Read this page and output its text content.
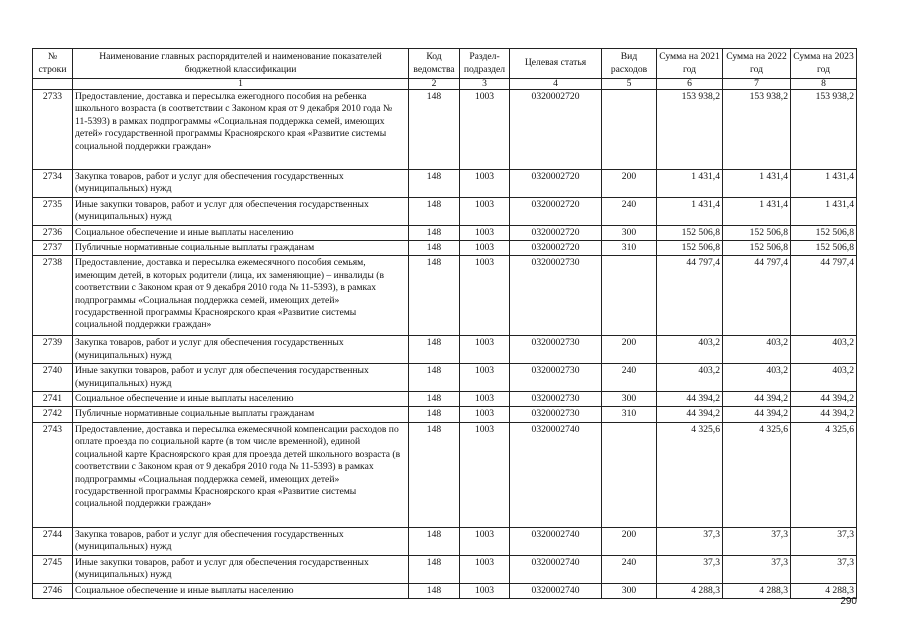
№ строки	Наименование главных распорядителей и наименование показателей бюджетной классификации	Код ведомства	Раздел-подраздел	Целевая статья	Вид расходов	Сумма на 2021 год	Сумма на 2022 год	Сумма на 2023 год
	1	2	3	4	5	6	7	8
2733	Предоставление, доставка и пересылка ежегодного пособия на ребенка школьного возраста (в соответствии с Законом края от 9 декабря 2010 года № 11-5393) в рамках подпрограммы «Социальная поддержка семей, имеющих детей» государственной программы Красноярского края «Развитие системы социальной поддержки граждан»	148	1003	0320002720		153 938,2	153 938,2	153 938,2
2734	Закупка товаров, работ и услуг для обеспечения государственных (муниципальных) нужд	148	1003	0320002720	200	1 431,4	1 431,4	1 431,4
2735	Иные закупки товаров, работ и услуг для обеспечения государственных (муниципальных) нужд	148	1003	0320002720	240	1 431,4	1 431,4	1 431,4
2736	Социальное обеспечение и иные выплаты населению	148	1003	0320002720	300	152 506,8	152 506,8	152 506,8
2737	Публичные нормативные социальные выплаты гражданам	148	1003	0320002720	310	152 506,8	152 506,8	152 506,8
2738	Предоставление, доставка и пересылка ежемесячного пособия семьям, имеющим детей, в которых родители (лица, их заменяющие) – инвалиды (в соответствии с Законом края от 9 декабря 2010 года № 11-5393), в рамках подпрограммы «Социальная поддержка семей, имеющих детей» государственной программы Красноярского края «Развитие системы социальной поддержки граждан»	148	1003	0320002730		44 797,4	44 797,4	44 797,4
2739	Закупка товаров, работ и услуг для обеспечения государственных (муниципальных) нужд	148	1003	0320002730	200	403,2	403,2	403,2
2740	Иные закупки товаров, работ и услуг для обеспечения государственных (муниципальных) нужд	148	1003	0320002730	240	403,2	403,2	403,2
2741	Социальное обеспечение и иные выплаты населению	148	1003	0320002730	300	44 394,2	44 394,2	44 394,2
2742	Публичные нормативные социальные выплаты гражданам	148	1003	0320002730	310	44 394,2	44 394,2	44 394,2
2743	Предоставление, доставка и пересылка ежемесячной компенсации расходов по оплате проезда по социальной карте (в том числе временной), единой социальной карте Красноярского края для проезда детей школьного возраста (в соответствии с Законом края от 9 декабря 2010 года № 11-5393) в рамках подпрограммы «Социальная поддержка семей, имеющих детей» государственной программы Красноярского края «Развитие системы социальной поддержки граждан»	148	1003	0320002740		4 325,6	4 325,6	4 325,6
2744	Закупка товаров, работ и услуг для обеспечения государственных (муниципальных) нужд	148	1003	0320002740	200	37,3	37,3	37,3
2745	Иные закупки товаров, работ и услуг для обеспечения государственных (муниципальных) нужд	148	1003	0320002740	240	37,3	37,3	37,3
2746	Социальное обеспечение и иные выплаты населению	148	1003	0320002740	300	4 288,3	4 288,3	4 288,3
290
